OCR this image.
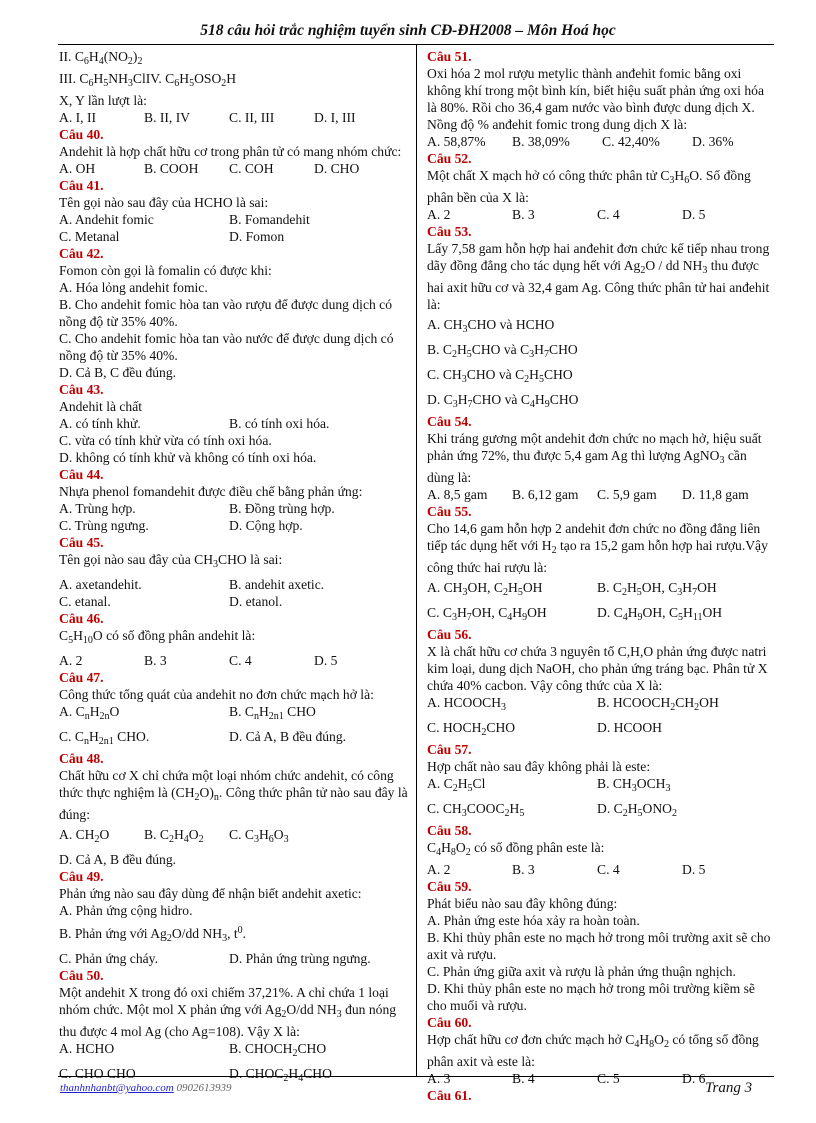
518 câu hỏi trắc nghiệm tuyển sinh CĐ-ĐH2008 – Môn Hoá học

II. $C_6H_4(NO_2)_2$

III. $C_6H_5NH_3ClIV$. $C_6H_5OSO_2H$

X, Y lần lượt là:

A. I, II	B. II, IV	C. II, III	D. I, III

Câu 40.

Andehit là hợp chất hữu cơ trong phân tử có mang nhóm chức:

A. OH	B. COOH	C. COH	D. CHO

Câu 41.

Tên gọi nào sau đây của HCHO là sai:

A. Andehit fomic	B. Fomandehit
C. Metanal	D. Fomon

Câu 42.

Fomon còn gọi là fomalin có được khi:

A. Hóa lỏng andehit fomic.

B. Cho andehit fomic hòa tan vào rượu để được dung dịch có nồng độ từ 35% 40%.

C. Cho andehit fomic hòa tan vào nước để được dung dịch có nồng độ từ 35% 40%.

D. Cả B, C đều đúng.

Câu 43.

Andehit là chất

A. có tính khử.	B. có tính oxi hóa.

C. vừa có tính khử vừa có tính oxi hóa.

D. không có tính khử và không có tính oxi hóa.

Câu 44.

Nhựa phenol fomandehit được điều chế bằng phản ứng:

A. Trùng hợp.	B. Đồng trùng hợp.
C. Trùng ngưng.	D. Cộng hợp.

Câu 45.

Tên gọi nào sau đây của $CH_3CHO$ là sai:

A. axetandehit.	B. andehit axetic.
C. etanal.	D. etanol.

Câu 46.

$C_5H_{10}O$ có số đồng phân andehit là:

A. 2	B. 3	C. 4	D. 5

Câu 47.

Công thức tổng quát của andehit no đơn chức mạch hở là:

A. $C_nH_{2n}O$	B. $C_nH_{2n1}$ CHO
C. $C_nH_{2n1}$ CHO.	D. Cả A, B đều đúng.

Câu 48.

Chất hữu cơ X chỉ chứa một loại nhóm chức andehit, có công thức thực nghiệm là $(CH_2O)_n$. Công thức phân tử nào sau đây là đúng:

A. $CH_2O$	B. $C_2H_4O_2$	C. $C_3H_6O_3$

D. Cả A, B đều đúng.

Câu 49.

Phản ứng nào sau đây dùng để nhận biết andehit axetic:

A. Phản ứng cộng hidro.

B. Phản ứng với $Ag_2O/dd$ $NH_3$, $t^0$.

C. Phản ứng cháy.	D. Phản ứng trùng ngưng.

Câu 50.

Một andehit X trong đó oxi chiếm 37,21%. A chỉ chứa 1 loại nhóm chức. Một mol X phản ứng với $Ag_2O/dd$ $NH_3$ đun nóng thu được 4 mol Ag (cho Ag=108). Vậy X là:

A. HCHO	B. $CHOCH_2CHO$
C. CHO CHO	D. $CHOC_2H_4CHO$

Câu 51.

Oxi hóa 2 mol rượu metylic thành anđehit fomic bằng oxi không khí trong một bình kín, biết hiệu suất phản ứng oxi hóa là 80%. Rồi cho 36,4 gam nước vào bình được dung dịch X. Nồng độ % anđehit fomic trong dung dịch X là:

A. 58,87%	B. 38,09%	C. 42,40%	D. 36%

Câu 52.

Một chất X mạch hở có công thức phân tử $C_3H_6O$. Số đồng phân bền của X là:

A. 2	B. 3	C. 4	D. 5

Câu 53.

Lấy 7,58 gam hỗn hợp hai anđehit đơn chức kế tiếp nhau trong dãy đồng đẳng cho tác dụng hết với $Ag_2O$ / dd $NH_3$ thu được hai axit hữu cơ và 32,4 gam Ag. Công thức phân tử hai anđehit là:

A. $CH_3CHO$ và HCHO

B. $C_2H_5CHO$ và $C_3H_7CHO$

C. $CH_3CHO$ và $C_2H_5CHO$

D. $C_3H_7CHO$ và $C_4H_9CHO$

Câu 54.

Khi tráng gương một andehit đơn chức no mạch hở, hiệu suất phản ứng 72%, thu được 5,4 gam Ag thì lượng AgNO$_3$ cần dùng là:

A. 8,5 gam	B. 6,12 gam	C. 5,9 gam	D. 11,8 gam

Câu 55.

Cho 14,6 gam hỗn hợp 2 andehit đơn chức no đồng đẳng liên tiếp tác dụng hết với $H_2$ tạo ra 15,2 gam hỗn hợp hai rượu.Vậy công thức hai rượu là:

A. $CH_3OH$, $C_2H_5OH$	B. $C_2H_5OH$, $C_3H_7OH$
C. $C_3H_7OH$, $C_4H_9OH$	D. $C_4H_9OH$, $C_5H_{11}OH$

Câu 56.

X là chất hữu cơ chứa 3 nguyên tố C,H,O phản ứng được natri kim loại, dung dịch NaOH, cho phản ứng tráng bạc. Phân tử X chứa 40% cacbon. Vậy công thức của X là:

A. $HCOOCH_3$	B. $HCOOCH_2CH_2OH$
C. $HOCH_2CHO$	D. HCOOH

Câu 57.

Hợp chất nào sau đây không phải là este:

A. $C_2H_5Cl$	B. $CH_3OCH_3$
C. $CH_3COOC_2H_5$	D. $C_2H_5ONO_2$

Câu 58.

$C_4H_8O_2$ có số đồng phân este là:

A. 2	B. 3	C. 4	D. 5

Câu 59.

Phát biểu nào sau đây không đúng:

A. Phản ứng este hóa xảy ra hoàn toàn.

B. Khi thủy phân este no mạch hở trong môi trường axit sẽ cho axit và rượu.

C. Phản ứng giữa axit và rượu là phản ứng thuận nghịch.

D. Khi thủy phân este no mạch hở trong môi trường kiềm sẽ cho muối và rượu.

Câu 60.

Hợp chất hữu cơ đơn chức mạch hở $C_4H_8O_2$ có tổng số đồng phân axit và este là:

A. 3	B. 4	C. 5	D. 6

Câu 61.

thanhnhanbt@yahoo.com 0902613939	Trang 3
